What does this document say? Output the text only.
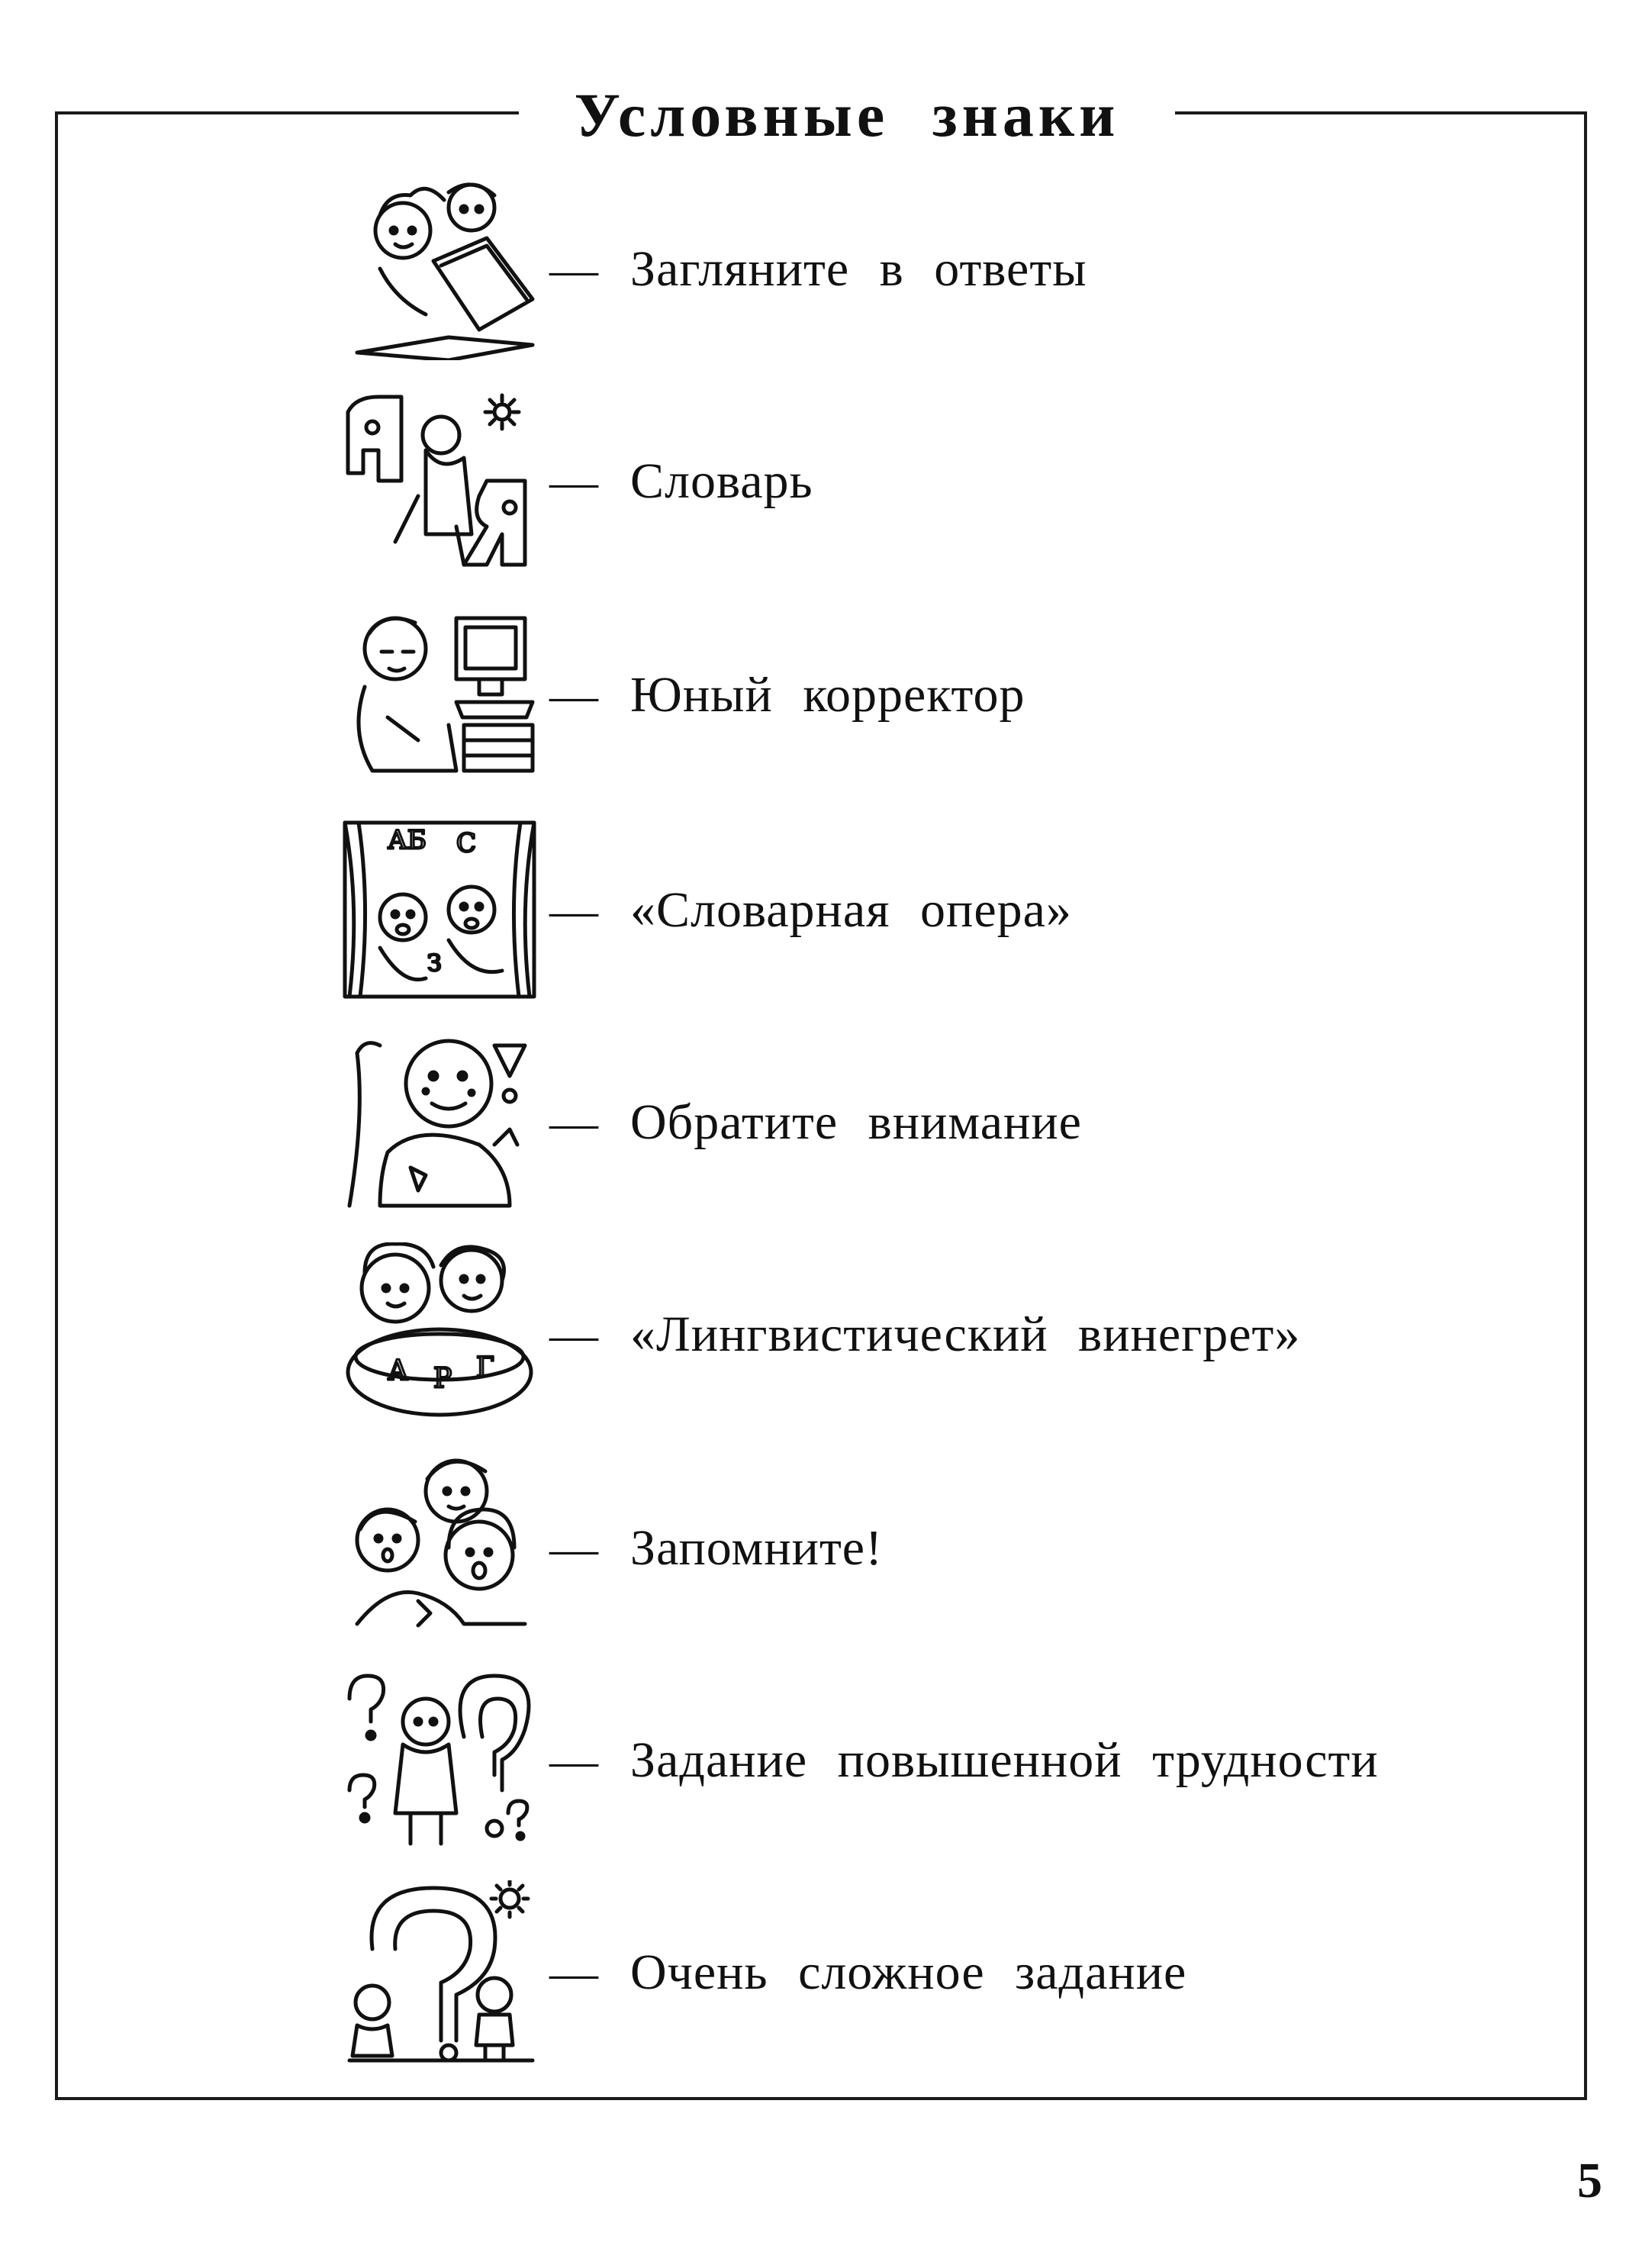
Условные знаки
— Загляните в ответы
— Словарь
— Юный корректор
АБ С
З
— «Словарная опера»
— Обратите внимание
А Р Г
— «Лингвистический винегрет»
— Запомните!
— Задание повышенной трудности
— Очень сложное задание
5
